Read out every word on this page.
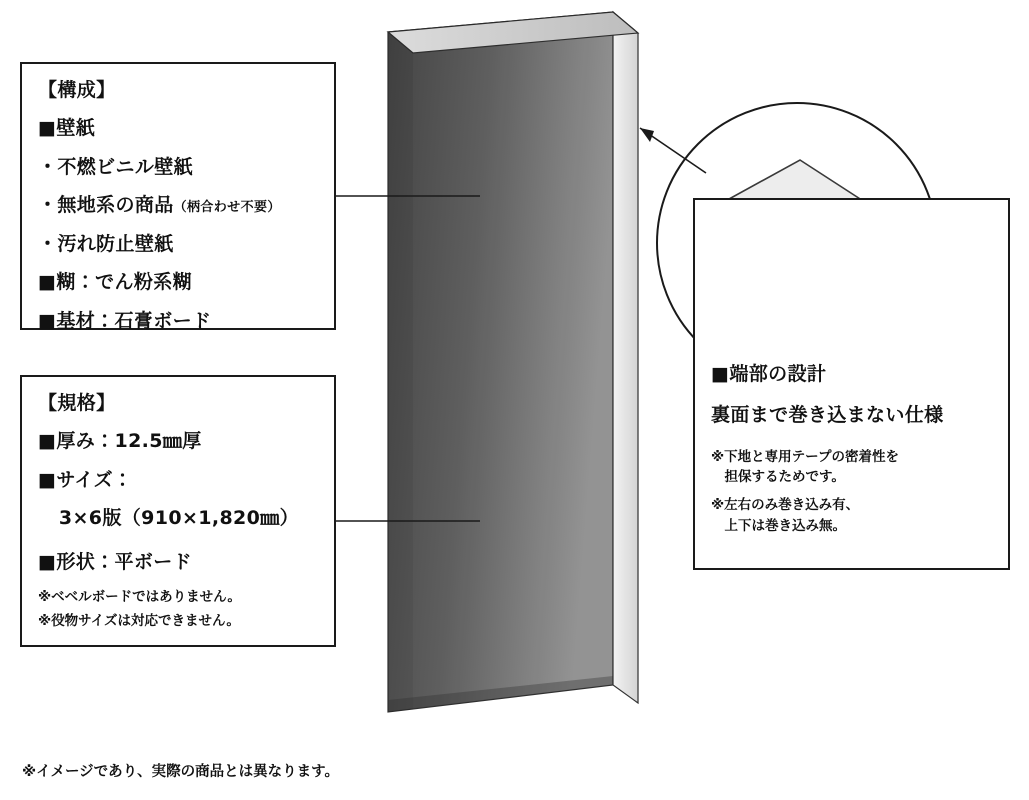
【構成】
■壁紙
・不燃ビニル壁紙
・無地系の商品（柄合わせ不要）
・汚れ防止壁紙
■糊：でん粉系糊
■基材：石膏ボード
【規格】
■厚み：12.5㎜厚
■サイズ：
3×6版（910×1,820㎜）
■形状：平ボード
※ベベルボードではありません。
※役物サイズは対応できません。
■端部の設計
裏面まで巻き込まない仕様
※下地と専用テープの密着性を
　担保するためです。
※左右のみ巻き込み有、
　上下は巻き込み無。
※イメージであり、実際の商品とは異なります。
